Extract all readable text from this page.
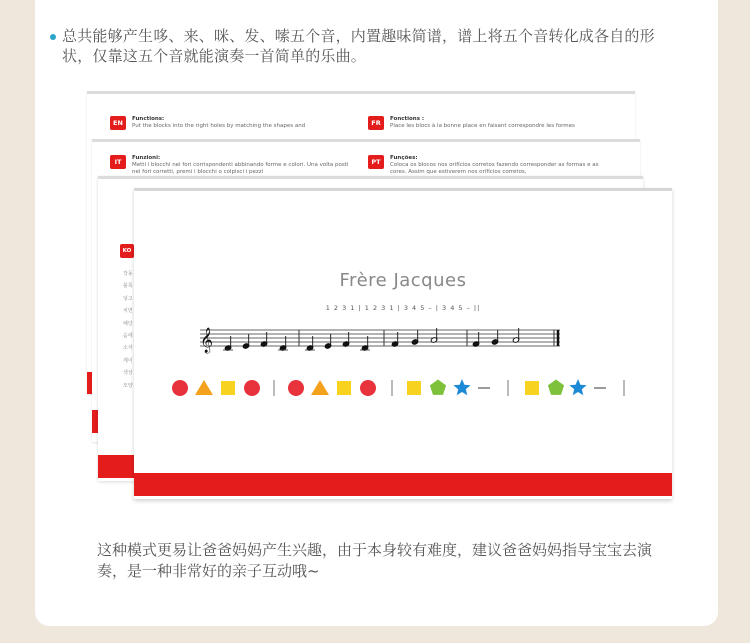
总共能够产生哆、来、咪、发、嗦五个音，内置趣味简谱，谱上将五个音转化成各自的形状，仅靠这五个音就能演奏一首简单的乐曲。

EN	Functions:
Put the blocks into the right holes by matching the shapes and	FR	Fonctions :
Place les blocs à la bonne place en faisant correspondre les formes
IT	Funzioni:
Metti i blocchi nei fori corrispondenti abbinando forme e colori. Una volta posti nei fori corretti, premi i blocchi o colpisci i pezzi
PT	Funções:
Coloca os blocos nos orifícios corretos fazendo corresponder as formas e as cores. Assim que estiverem nos orifícios corretos,
KO
작동
블록
넣고
치면
해당
음에
소자
계이
색상
모양

Frère Jacques

1 2 3 1 | 1 2 3 1 | 3 4 5 – | 3 4 5 – ||

𝄞

这种模式更易让爸爸妈妈产生兴趣，由于本身较有难度，建议爸爸妈妈指导宝宝去演奏，是一种非常好的亲子互动哦~
